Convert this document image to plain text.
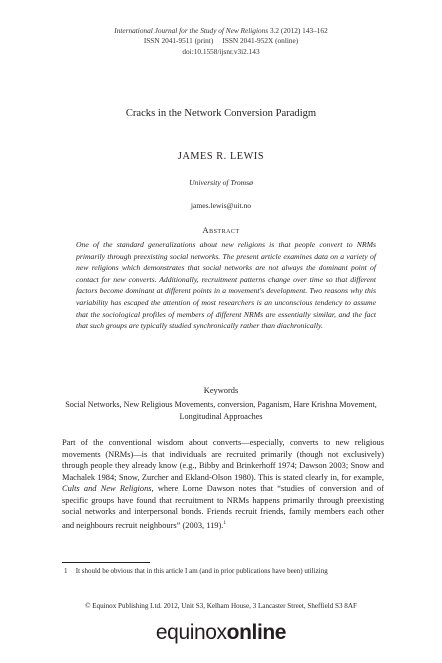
International Journal for the Study of New Religions 3.2 (2012) 143–162
ISSN 2041-9511 (print)     ISSN 2041-952X (online)
doi:10.1558/ijsnr.v3i2.143
Cracks in the Network Conversion Paradigm
JAMES R. LEWIS
University of Tromsø
james.lewis@uit.no
Abstract
One of the standard generalizations about new religions is that people convert to NRMs primarily through preexisting social networks. The present article examines data on a variety of new religions which demonstrates that social networks are not always the dominant point of contact for new converts. Additionally, recruitment patterns change over time so that different factors become dominant at different points in a movement's development. Two reasons why this variability has escaped the attention of most researchers is an unconscious tendency to assume that the sociological profiles of members of different NRMs are essentially similar, and the fact that such groups are typically studied synchronically rather than diachronically.
Keywords
Social Networks, New Religious Movements, conversion, Paganism, Hare Krishna Movement, Longitudinal Approaches
Part of the conventional wisdom about converts—especially, converts to new religious movements (NRMs)—is that individuals are recruited primarily (though not exclusively) through people they already know (e.g., Bibby and Brinkerhoff 1974; Dawson 2003; Snow and Machalek 1984; Snow, Zurcher and Ekland-Olson 1980). This is stated clearly in, for example, Cults and New Religions, where Lorne Dawson notes that “studies of conversion and of specific groups have found that recruitment to NRMs happens primarily through preexisting social networks and interpersonal bonds. Friends recruit friends, family members each other and neighbours recruit neighbours” (2003, 119).$^1$
1 It should be obvious that in this article I am (and in prior publications have been) utilizing
© Equinox Publishing Ltd. 2012, Unit S3, Kelham House, 3 Lancaster Street, Sheffield S3 8AF
equinoxonline
